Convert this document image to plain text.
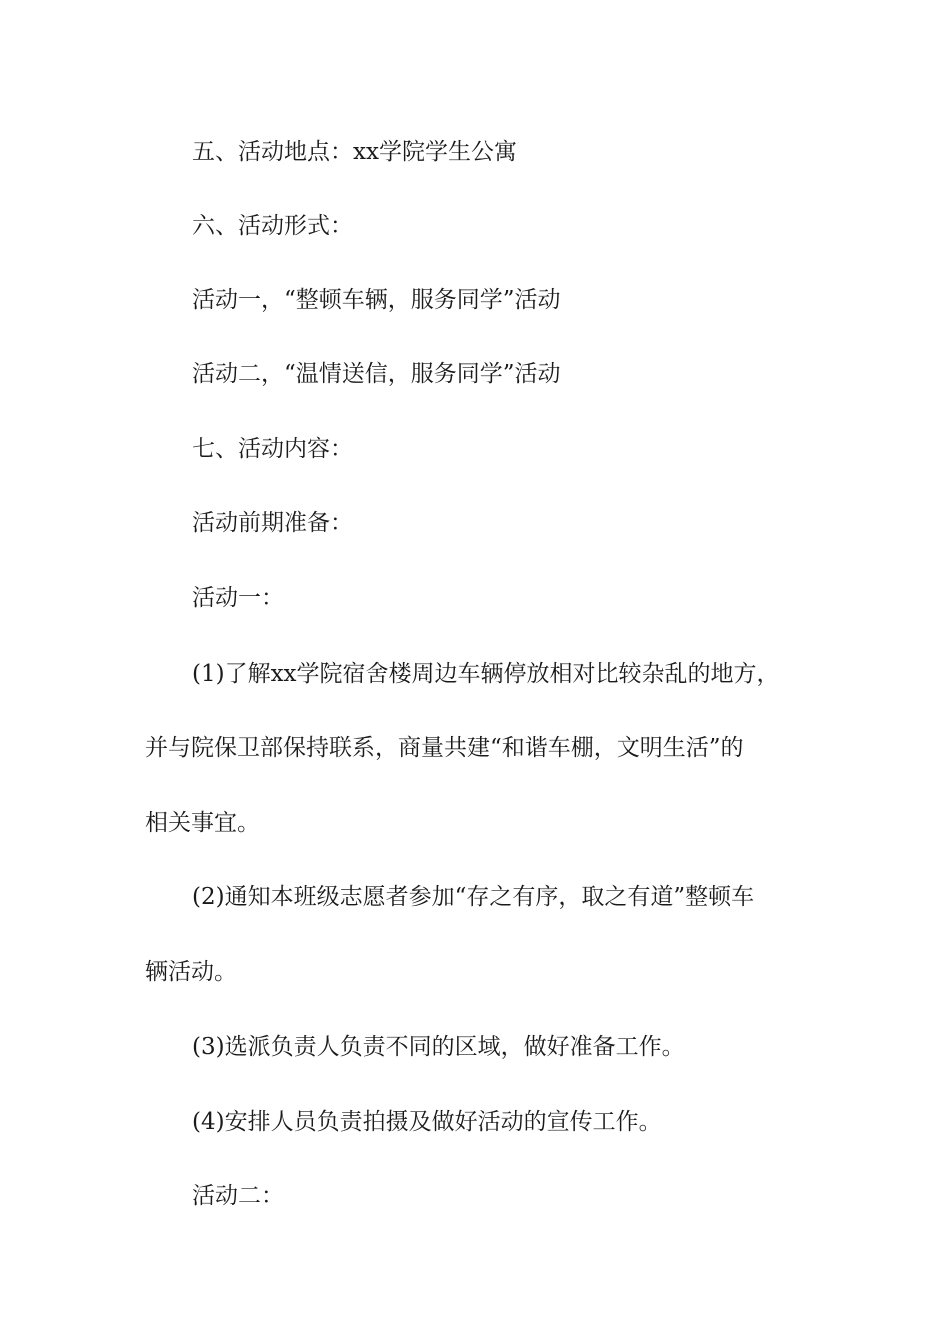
五、活动地点：xx学院学生公寓
六、活动形式：
活动一，“整顿车辆，服务同学”活动
活动二，“温情送信，服务同学”活动
七、活动内容：
活动前期准备：
活动一：
(1)了解xx学院宿舍楼周边车辆停放相对比较杂乱的地方，
并与院保卫部保持联系，商量共建“和谐车棚，文明生活”的
相关事宜。
(2)通知本班级志愿者参加“存之有序，取之有道”整顿车
辆活动。
(3)选派负责人负责不同的区域，做好准备工作。
(4)安排人员负责拍摄及做好活动的宣传工作。
活动二：
